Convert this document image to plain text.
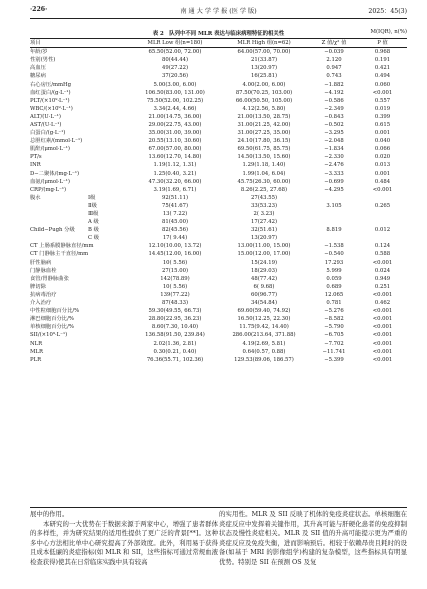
·226·	南 通 大 学 学 报 (医 学 版)	2025：45(3)
表 2　队列中不同 MLR 表达与临床病理特征的相关性	M(IQR), n(%)
项目	MLR Low 组(n=180)	MLR High 组(n=62)	Z 值/χ² 值	P 值
年龄/岁	65.50(52.00, 72.00)	64.00(57.00, 70.00)	−0.039	0.968
性别(男性)	80(44.44)	21(33.87)	2.120	0.191
高血压	49(27.22)	13(20.97)	0.947	0.421
糖尿病	37(20.56)	16(25.81)	0.743	0.494
右心房压/mmHg	5.00(3.00, 6.00)	4.00(2.00, 6.00)	−1.882	0.060
血红蛋白/(g·L⁻¹)	106.50(83.00, 131.00)	87.50(70.25, 103.00)	−4.192	<0.001
PLT/(×10⁹·L⁻¹)	75.50(52.00, 102.25)	66.00(50.50, 105.00)	−0.586	0.557
WBC/(×10⁹·L⁻¹)	3.34(2.44, 4.66)	4.12(2.56, 5.80)	−2.349	0.019
ALT/(U·L⁻¹)	21.00(14.75, 36.00)	21.00(13.50, 28.75)	−0.843	0.399
AST/(U·L⁻¹)	29.00(22.75, 43.00)	31.00(21.25, 42.00)	−0.502	0.615
白蛋白/(g·L⁻¹)	35.00(31.00, 39.00)	31.00(27.25, 35.00)	−3.295	0.001
总胆红素/(mmol·L⁻¹)	20.55(13.10, 30.60)	24.10(17.80, 36.15)	−2.048	0.040
肌酐/(μmol·L⁻¹)	67.00(57.00, 80.00)	69.50(61.75, 85.75)	−1.834	0.066
PT/s	13.60(12.70, 14.80)	14.50(13.50, 15.60)	−2.330	0.020
INR	1.19(1.12, 1.31)	1.29(1.18, 1.40)	−2.476	0.013
D−二聚体/(mg·L⁻¹)	1.25(0.40, 3.21)	1.99(1.04, 6.04)	−3.333	0.001
血氨/(μmol·L⁻¹)	47.30(32.20, 66.00)	45.75(26.30, 60.00)	−0.699	0.484
CRP/(mg·L⁻¹)	3.19(1.69, 6.71)	8.26(2.25, 27.68)	−4.295	<0.001
腹水 Ⅰ级	92(51.11)	27(43.55)		
Ⅱ级	75(41.67)	33(53.23)	3.105	0.265
Ⅲ级	13( 7.22)	2( 3.23)		
A 级	81(45.00)	17(27.42)		
Child−Pugh 分级 B 级	82(45.56)	32(51.61)	8.819	0.012
C 级	17( 9.44)	13(20.97)		
CT 上肠系膜静脉直径/mm	12.10(10.00, 13.72)	13.00(11.00, 15.00)	−1.538	0.124
CT 门静脉主干直径/mm	14.45(12.00, 16.00)	15.00(12.00, 17.00)	−0.540	0.588
肝性脑病	10( 5.56)	15(24.19)	17.293	<0.001
门静脉血栓	27(15.00)	18(29.03)	5.999	0.024
食管/胃静脉曲张	142(78.89)	48(77.42)	0.059	0.949
脾切除	10( 5.56)	6( 9.68)	0.689	0.251
抗病毒治疗	139(77.22)	60(96.77)	12.065	<0.001
介入治疗	87(48.33)	34(54.84)	0.781	0.462
中性粒细胞百分比/%	59.30(49.55, 66.73)	69.60(59.40, 74.92)	−5.276	<0.001
淋巴细胞百分比/%	28.80(22.95, 36.23)	16.50(12.25, 22.30)	−8.582	<0.001
单核细胞百分比/%	8.60(7.30, 10.40)	11.75(9.42, 14.40)	−5.790	<0.001
SII/(×10⁹·L⁻¹)	136.58(91.50, 239.84)	286.00(213.64, 371.88)	−6.705	<0.001
NLR	2.02(1.36, 2.81)	4.19(2.69, 5.81)	−7.702	<0.001
MLR	0.30(0.21, 0.40)	0.64(0.57, 0.88)	−11.741	<0.001
PLR	76.36(55.71, 102.36)	129.53(89.06, 186.57)	−5.399	<0.001

展中的作用。

本研究的一大优势在于数据来源于两家中心，增强了患者群体的多样性，并为研究结果的适用性提供了更广泛的背景[**]。这种多中心方法相比单中心研究提高了外部效度。此外，利用易于获得且成本低廉的炎症指标(如 MLR 和 SII，这些指标可通过常规血液检查获得)使其在日常临床实践中具有较高

的实用性。MLR 及 SII 反映了机体的免疫炎症状态。单核细胞在炎症反应中发挥着关键作用，其升高可能与肝硬化患者的免疫抑制状态及慢性炎症相关。MLR 及 SII 值的升高可能提示更为严重的炎症反应及免疫失衡，进而影响预后。相较于依赖昂贵且耗时的设备(如基于 MRI 的影像组学)构建的复杂模型，这些指标具有明显优势。特别是 SII 在预测 OS 及复
